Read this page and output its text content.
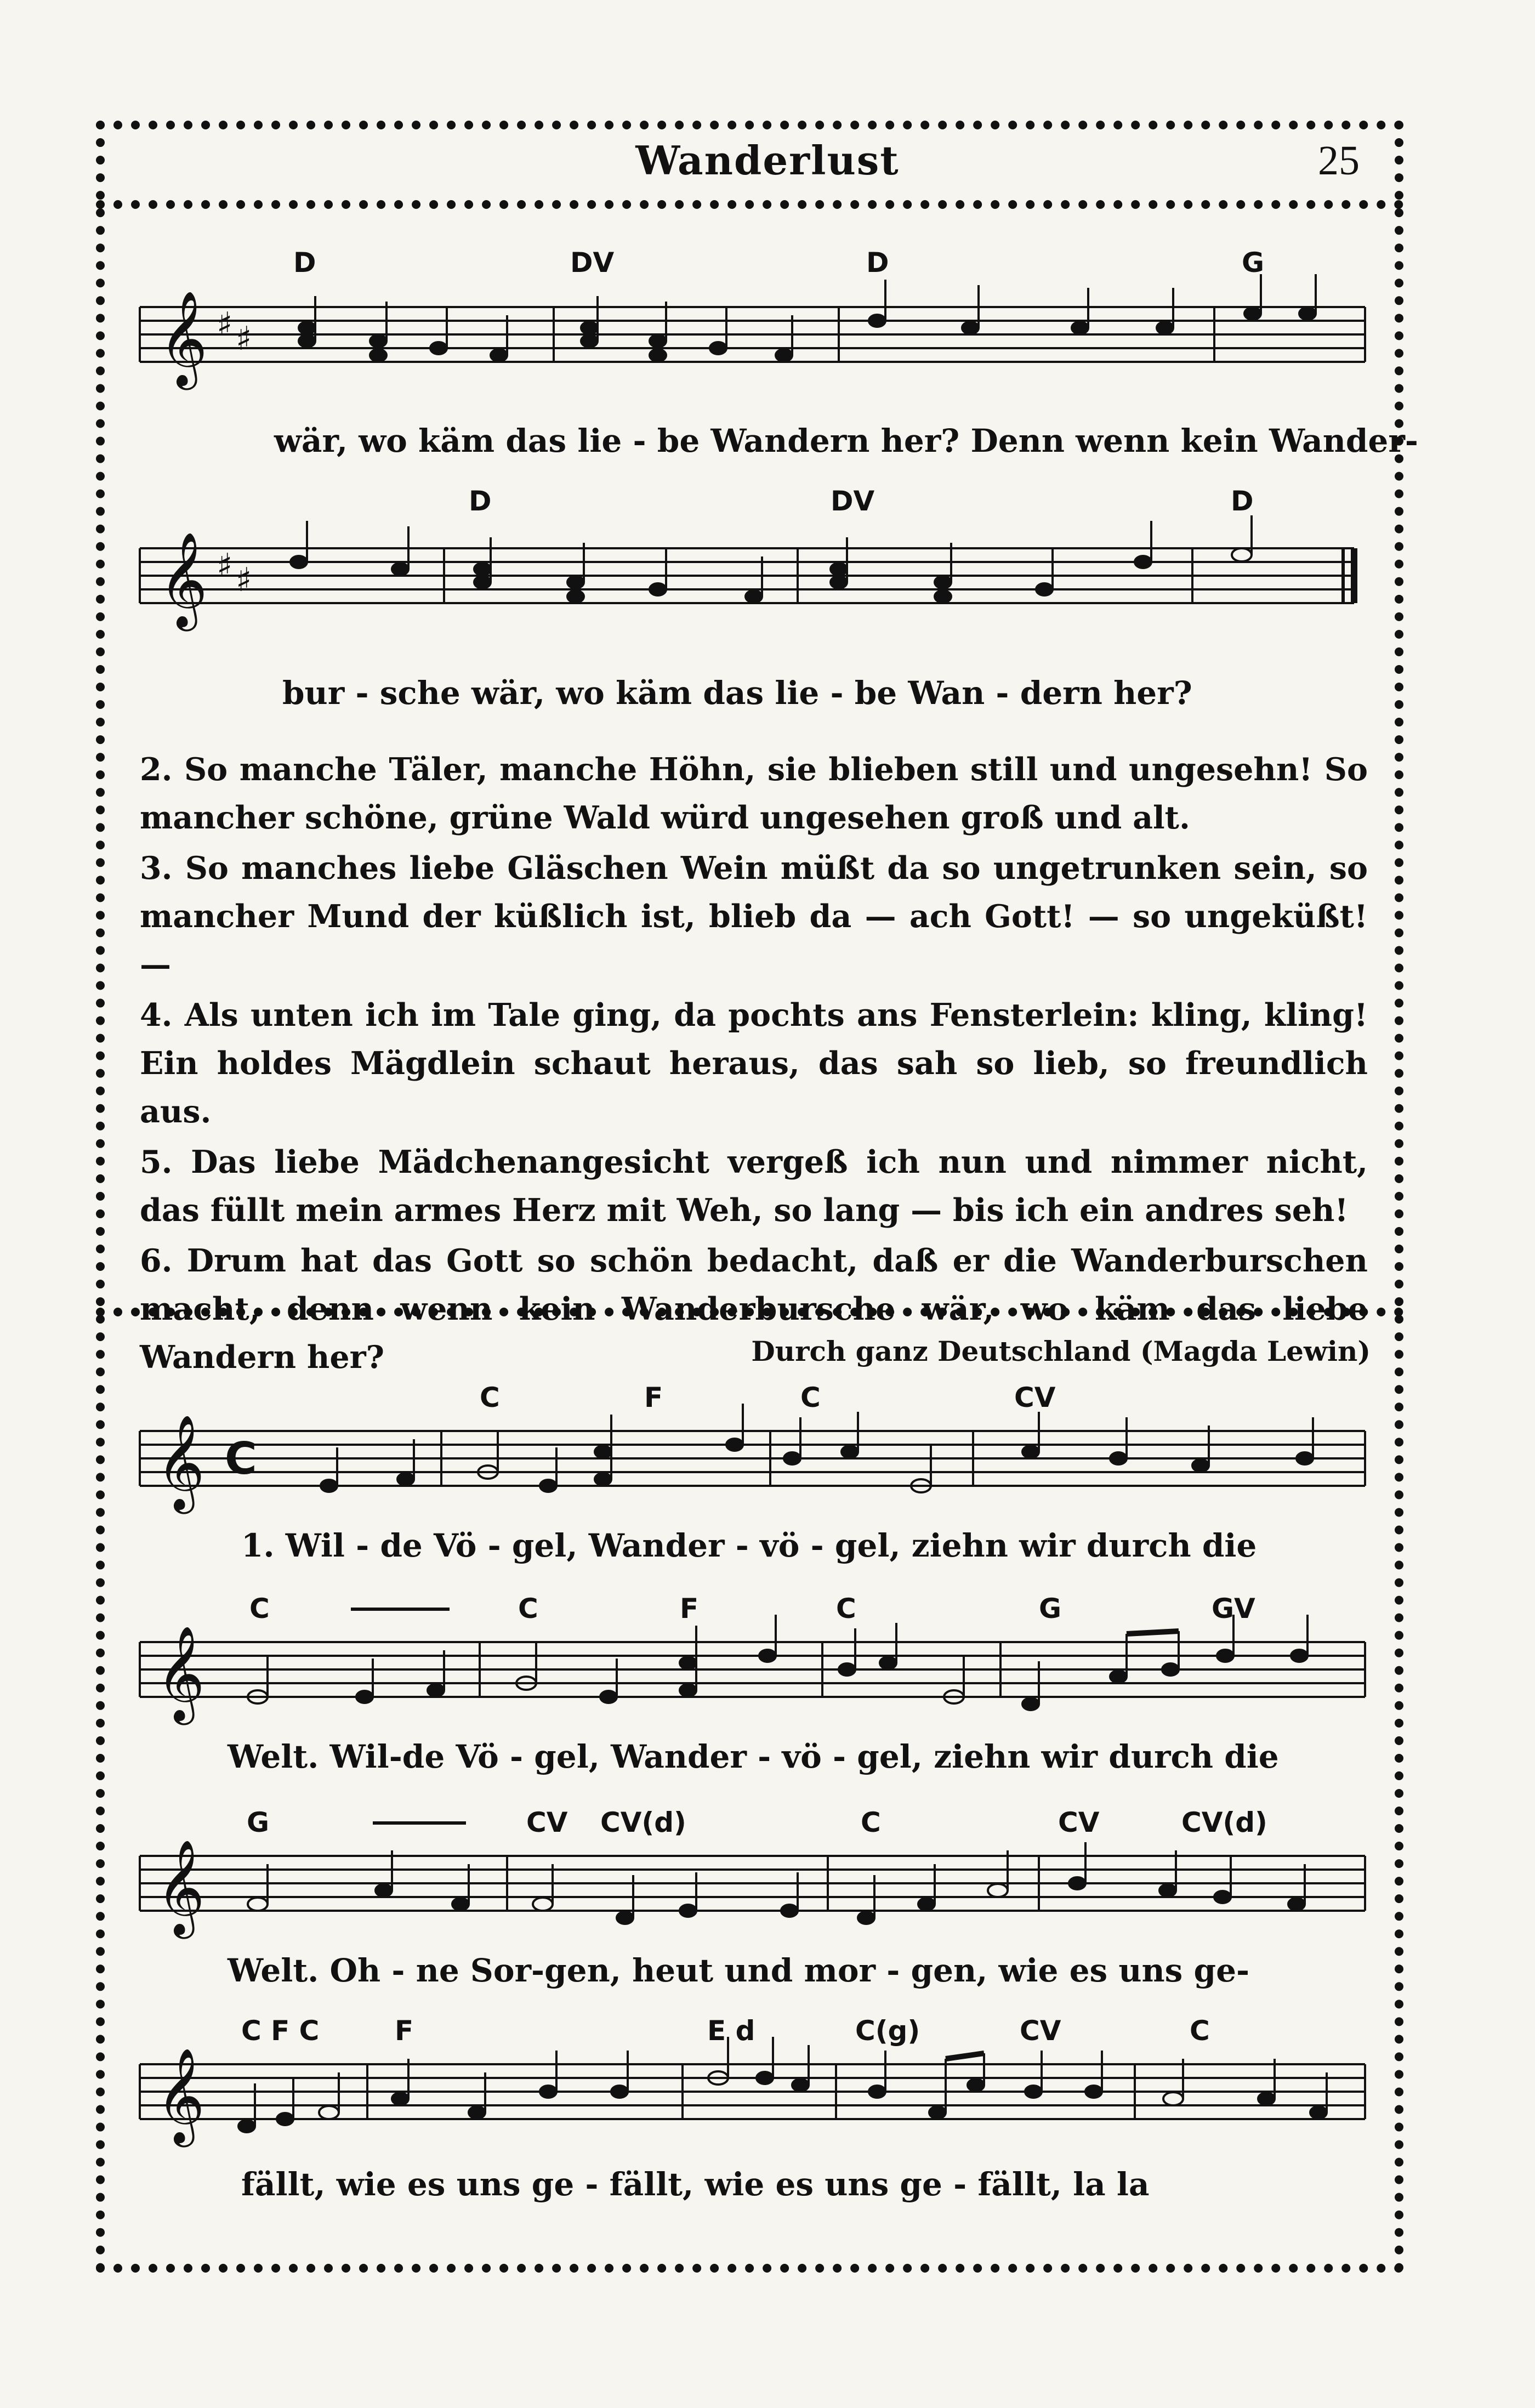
Wanderlust	25
D	DV	D	G
𝄞 ♯ ♯
wär, wo käm das lie - be Wandern her? Denn wenn kein Wander-
D	DV	D
𝄞 ♯ ♯
bur - sche wär, wo käm das lie - be Wan - dern her?

2. So manche Täler, manche Höhn, sie blieben still und ungesehn! So mancher schöne, grüne Wald würd ungesehen groß und alt.

3. So manches liebe Gläschen Wein müßt da so ungetrunken sein, so mancher Mund der küßlich ist, blieb da — ach Gott! — so ungeküßt! —

4. Als unten ich im Tale ging, da pochts ans Fensterlein: kling, kling! Ein holdes Mägdlein schaut heraus, das sah so lieb, so freundlich aus.

5. Das liebe Mädchenangesicht vergeß ich nun und nimmer nicht, das füllt mein armes Herz mit Weh, so lang — bis ich ein andres seh!

6. Drum hat das Gott so schön bedacht, daß er die Wanderburschen macht, denn wenn kein Wanderbursche wär, wo käm das liebe Wandern her?	Durch ganz Deutschland (Magda Lewin)
C	F	C	CV
𝄞 C
1. Wil - de Vö - gel, Wander - vö - gel, ziehn wir durch die
C	C	F	C	G	GV
𝄞
Welt. Wil-de Vö - gel, Wander - vö - gel, ziehn wir durch die
G	CV CV(d)	C	CV	CV(d)
𝄞
Welt. Oh - ne Sor-gen, heut und mor - gen, wie es uns ge-
C F C	F	E d	C(g)	CV	C
𝄞
fällt, wie es uns ge - fällt, wie es uns ge - fällt, la la
